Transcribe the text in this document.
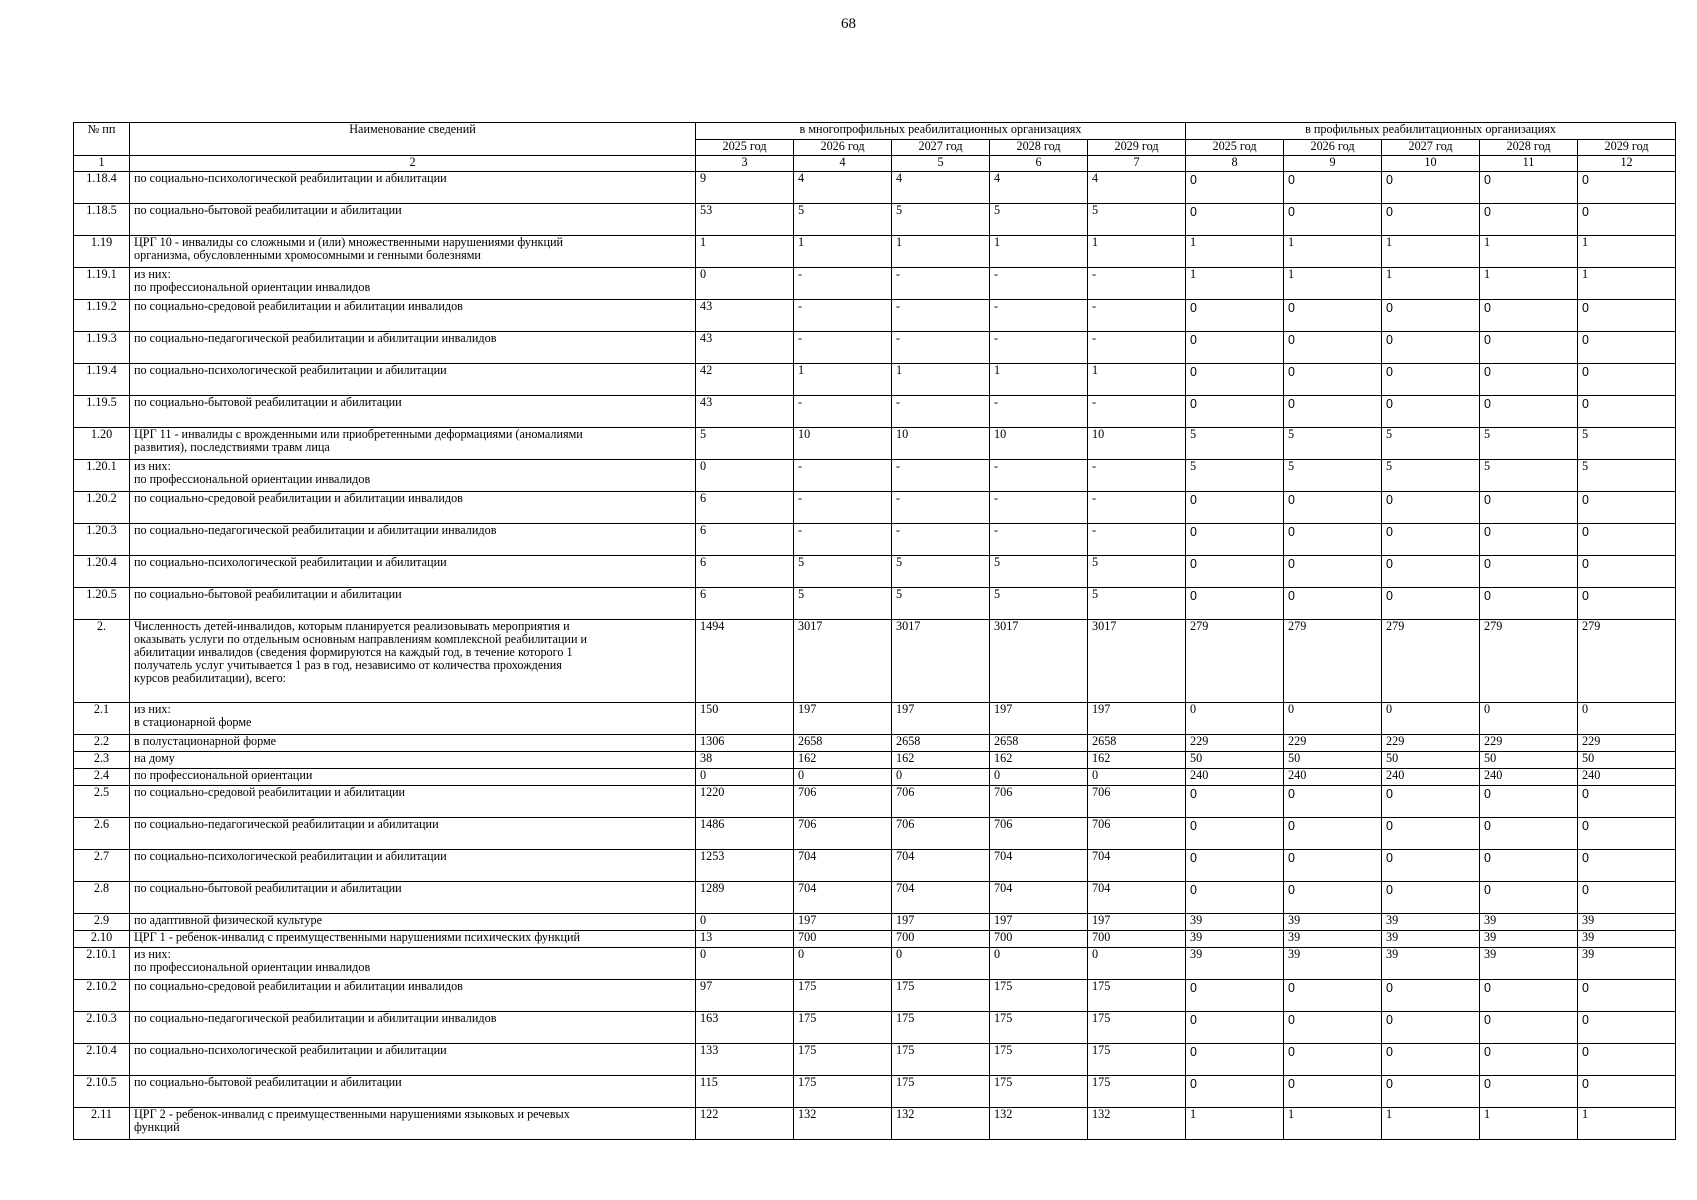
68
№ пп	Наименование сведений	в многопрофильных реабилитационных организациях					в профильных реабилитационных организациях				
		2025 год	2026 год	2027 год	2028 год	2029 год	2025 год	2026 год	2027 год	2028 год	2029 год
1	2	3	4	5	6	7	8	9	10	11	12
1.18.4	по социально-психологической реабилитации и абилитации	9	4	4	4	4	0	0	0	0	0
1.18.5	по социально-бытовой реабилитации и абилитации	53	5	5	5	5	0	0	0	0	0
1.19	ЦРГ 10 - инвалиды со сложными и (или) множественными нарушениями функций
организма, обусловленными хромосомными и генными болезнями	1	1	1	1	1	1	1	1	1	1
1.19.1	из них:
по профессиональной ориентации инвалидов	0	-	-	-	-	1	1	1	1	1
1.19.2	по социально-средовой реабилитации и абилитации инвалидов	43	-	-	-	-	0	0	0	0	0
1.19.3	по социально-педагогической реабилитации и абилитации инвалидов	43	-	-	-	-	0	0	0	0	0
1.19.4	по социально-психологической реабилитации и абилитации	42	1	1	1	1	0	0	0	0	0
1.19.5	по социально-бытовой реабилитации и абилитации	43	-	-	-	-	0	0	0	0	0
1.20	ЦРГ 11 - инвалиды с врожденными или приобретенными деформациями (аномалиями
развития), последствиями травм лица	5	10	10	10	10	5	5	5	5	5
1.20.1	из них:
по профессиональной ориентации инвалидов	0	-	-	-	-	5	5	5	5	5
1.20.2	по социально-средовой реабилитации и абилитации инвалидов	6	-	-	-	-	0	0	0	0	0
1.20.3	по социально-педагогической реабилитации и абилитации инвалидов	6	-	-	-	-	0	0	0	0	0
1.20.4	по социально-психологической реабилитации и абилитации	6	5	5	5	5	0	0	0	0	0
1.20.5	по социально-бытовой реабилитации и абилитации	6	5	5	5	5	0	0	0	0	0
2.	Численность детей-инвалидов, которым планируется реализовывать мероприятия и
оказывать услуги по отдельным основным направлениям комплексной реабилитации и
абилитации инвалидов (сведения формируются на каждый год, в течение которого 1
получатель услуг учитывается 1 раз в год, независимо от количества прохождения
курсов реабилитации), всего:	1494	3017	3017	3017	3017	279	279	279	279	279
2.1	из них:
в стационарной форме	150	197	197	197	197	0	0	0	0	0
2.2	в полустационарной форме	1306	2658	2658	2658	2658	229	229	229	229	229
2.3	на дому	38	162	162	162	162	50	50	50	50	50
2.4	по профессиональной ориентации	0	0	0	0	0	240	240	240	240	240
2.5	по социально-средовой реабилитации и абилитации	1220	706	706	706	706	0	0	0	0	0
2.6	по социально-педагогической реабилитации и абилитации	1486	706	706	706	706	0	0	0	0	0
2.7	по социально-психологической реабилитации и абилитации	1253	704	704	704	704	0	0	0	0	0
2.8	по социально-бытовой реабилитации и абилитации	1289	704	704	704	704	0	0	0	0	0
2.9	по адаптивной физической культуре	0	197	197	197	197	39	39	39	39	39
2.10	ЦРГ 1 - ребенок-инвалид с преимущественными нарушениями психических функций	13	700	700	700	700	39	39	39	39	39
2.10.1	из них:
по профессиональной ориентации инвалидов	0	0	0	0	0	39	39	39	39	39
2.10.2	по социально-средовой реабилитации и абилитации инвалидов	97	175	175	175	175	0	0	0	0	0
2.10.3	по социально-педагогической реабилитации и абилитации инвалидов	163	175	175	175	175	0	0	0	0	0
2.10.4	по социально-психологической реабилитации и абилитации	133	175	175	175	175	0	0	0	0	0
2.10.5	по социально-бытовой реабилитации и абилитации	115	175	175	175	175	0	0	0	0	0
2.11	ЦРГ 2 - ребенок-инвалид с преимущественными нарушениями языковых и речевых
функций	122	132	132	132	132	1	1	1	1	1
